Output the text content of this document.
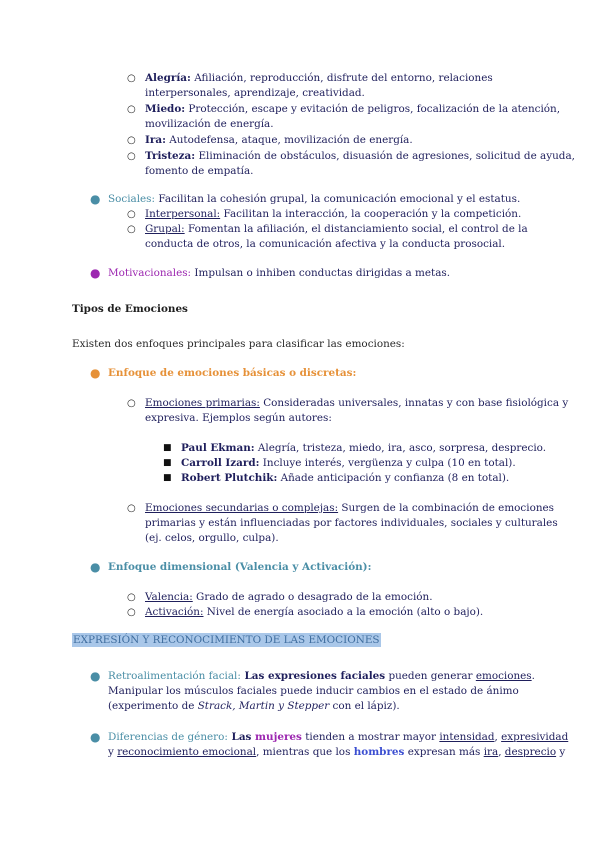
○ Alegría: Afiliación, reproducción, disfrute del entorno, relaciones
interpersonales, aprendizaje, creatividad.
○ Miedo: Protección, escape y evitación de peligros, focalización de la atención,
movilización de energía.
○ Ira: Autodefensa, ataque, movilización de energía.
○ Tristeza: Eliminación de obstáculos, disuasión de agresiones, solicitud de ayuda,
fomento de empatía.
● Sociales: Facilitan la cohesión grupal, la comunicación emocional y el estatus.
○ Interpersonal: Facilitan la interacción, la cooperación y la competición.
○ Grupal: Fomentan la afiliación, el distanciamiento social, el control de la
conducta de otros, la comunicación afectiva y la conducta prosocial.
● Motivacionales: Impulsan o inhiben conductas dirigidas a metas.
Tipos de Emociones
Existen dos enfoques principales para clasificar las emociones:
● Enfoque de emociones básicas o discretas:
○ Emociones primarias: Consideradas universales, innatas y con base fisiológica y
expresiva. Ejemplos según autores:
■ Paul Ekman: Alegría, tristeza, miedo, ira, asco, sorpresa, desprecio.
■ Carroll Izard: Incluye interés, vergüenza y culpa (10 en total).
■ Robert Plutchik: Añade anticipación y confianza (8 en total).
○ Emociones secundarias o complejas: Surgen de la combinación de emociones
primarias y están influenciadas por factores individuales, sociales y culturales
(ej. celos, orgullo, culpa).
● Enfoque dimensional (Valencia y Activación):
○ Valencia: Grado de agrado o desagrado de la emoción.
○ Activación: Nivel de energía asociado a la emoción (alto o bajo).
EXPRESIÓN Y RECONOCIMIENTO DE LAS EMOCIONES
● Retroalimentación facial: Las expresiones faciales pueden generar emociones.
Manipular los músculos faciales puede inducir cambios en el estado de ánimo
(experimento de Strack, Martin y Stepper con el lápiz).
● Diferencias de género: Las mujeres tienden a mostrar mayor intensidad, expresividad
y reconocimiento emocional, mientras que los hombres expresan más ira, desprecio y
